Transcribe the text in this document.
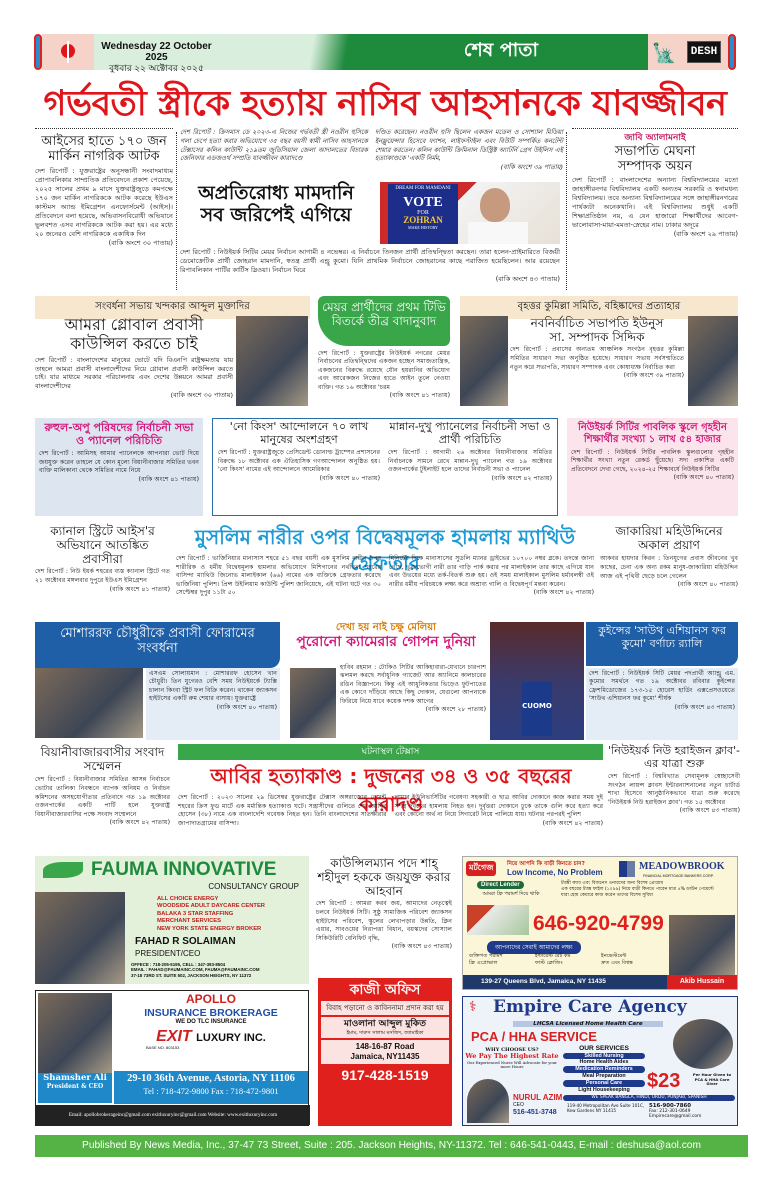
Wednesday 22 October 2025
বুধবার ২২ অক্টোবর ২০২৫
শেষ পাতা	🗽	DESH
গর্ভবতী স্ত্রীকে হত্যায় নাসিব আহসানকে যাবজ্জীবন
আইসের হাতে ১৭০ জন মার্কিন নাগরিক আটক
দেশ রিপোর্ট : যুক্তরাষ্ট্রের অনুসন্ধানী সংবাদমাধ্যম প্রোপাবলিকার সাম্প্রতিক প্রতিবেদনে প্রকাশ পেয়েছে, ২০২৫ সালের প্রথম ৯ মাসে যুক্তরাষ্ট্রজুড়ে কমপক্ষে ১৭০ জন মার্কিন নাগরিককে আটক করেছে ইউএস কাস্টমস অ্যান্ড ইমিগ্রেশন এনফোর্সমেন্ট (আইস)। প্রতিবেদনে বলা হয়েছে, অভিবাসনবিরোধী অভিযানে ভুলবশত এসব নাগরিককে আটক করা হয়। এর মধ্যে ২০ জনেরও বেশি নাগরিককে একাধিক দিন
(বাকি অংশে ৩০ পাতায়)
দেশ রিপোর্ট : ক্রিসমাস ডে ২০২৩-এ নিজের গর্ভবতী স্ত্রী নওরীন হুসিকে গলা চেপে হত্যা করার অভিযোগে ৩৫ বছর বয়সী স্বামী নাসিব আহসানকে টেক্সাসের কলিন কাউন্টি ২১৯তম জুডিসিয়াল জেলা আদালতের বিচারক জেনিফার এডজওর্থ সম্প্রতি যাবজ্জীবন কারাদণ্ডে
দণ্ডিত করেছেন। নওরীন হুসি ছিলেন একজন মডেল ও সোশ্যাল মিডিয়া ইনফ্লুয়েন্সার হিসেবে ফ্যাশন, লাইফস্টাইল এবং বিউটি সম্পর্কিত কনটেন্ট শেয়ার করতেন। কলিন কাউন্টি ক্রিমিনাল ডিস্ট্রিক্ট অ্যাটর্নি গ্রেগ উইলিস এই হত্যাকাণ্ডকে 'একটি নির্মম,
(বাকি অংশে ৩৯ পাতায়)
অপ্রতিরোধ্য মামদানি
সব জরিপেই এগিয়ে
DREAM FOR MAMDANI
VOTE
FOR
ZOHRAN
MAKE HISTORY
দেশ রিপোর্ট : নিউইয়র্ক সিটির মেয়র নির্বাচন আগামী ৪ নভেম্বর। এ নির্বাচনে তিনজন প্রার্থী প্রতিদ্বন্দ্বিতা করছেন। তারা হলেন-প্রাইমারিতে বিজয়ী ডেমোক্রেটিক প্রার্থী জোহরান মামদানি, স্বতন্ত্র প্রার্থী এন্ড্রু কুমো। যিনি প্রাথমিক নির্বাচনে জোহরানের কাছে পরাজিত হয়েছিলেন। আর রয়েছেন রিপাবলিকান পার্টির কার্টিস স্লিওয়া। নির্বাচন ঘিরে
(বাকি অংশে ৪৩ পাতায়)
জাবি অ্যালামনাই
সভাপতি মেঘনা
সম্পাদক অয়ন
দেশ রিপোর্ট : বাংলাদেশের অন্যান্য বিশ্ববিদ্যালয়ের মতো জাহাঙ্গীরনগর বিশ্ববিদ্যালয় একটি অন্যতম সরকারি ও স্বনামধন্য বিশ্ববিদ্যালয়। তবে অন্যান্য বিশ্ববিদ্যালয়ের সঙ্গে জাহাঙ্গীরনগরের পার্থক্যটা অনেকখানি। এই বিশ্ববিদ্যালয় শুধুই একটি শিক্ষাপ্রতিষ্ঠান নয়, এ যেন হাজারো শিক্ষার্থীদের আবেগ- ভালোবাসা-মায়া-মমতা-স্নেহের নাম। ঢাকার অদূরে
(বাকি অংশে ২৯ পাতায়)
সংবর্ধনা সভায় খন্দকার আব্দুল মুক্তাদির
আমরা গ্লোবাল প্রবাসী কাউন্সিল করতে চাই
দেশ রিপোর্ট : বাংলাদেশের মানুষের ভোটে যদি বিএনপি রাষ্ট্রক্ষমতায় যায় তাহলে আমরা প্রবাসী বাংলাদেশীদের নিয়ে গ্লোবাল প্রবাসী কাউন্সিল করতে চাই। যার মাধ্যমে সরকার পরিচালনায় এবং দেশের উন্নয়নে আমরা প্রবাসী বাংলাদেশীদের
(বাকি অংশে ৩০ পাতায়)
মেয়র প্রার্থীদের প্রথম টিভি বিতর্কে তীব্র বাদানুবাদ
দেশ রিপোর্ট : যুক্তরাষ্ট্রের নিউইয়র্ক নগরের মেয়র নির্বাচনের প্রতিদ্বন্দ্বিদের একজন হচ্ছেন সমাজতান্ত্রিক, একজনের বিরুদ্ধে রয়েছে যৌন হয়রানির অভিযোগ এবং আরেকজন নিজের হাতে আইন তুলে নেওয়া ব্যক্তি। গত ১৬ অক্টোবর 'চরম
(বাকি অংশে ৪১ পাতায়)
বৃহত্তর কুমিল্লা সমিতি, বহিষ্কাদের প্রত্যাহার
নবনির্বাচিত সভাপতি ইউনুস
সা. সম্পাদক সিদ্দিক
দেশ রিপোর্ট : প্রবাসের অন্যতম আঞ্চলিক সংগঠন বৃহত্তর কুমিল্লা সমিতির সাধারণ সভা অনুষ্ঠিত হয়েছে। সাধারণ সভায় সর্বসম্মতিতে নতুন করে সভাপতি, সাধারণ সম্পাদক এবং কোষাধ্যক্ষ নির্বাচিত করা
(বাকি অংশে ৩৯ পাতায়)
রুহুল-অপু পরিষদের নির্বাচনী সভা ও প্যানেল পরিচিতি
দেশ রিপোর্ট : আমিসহ আমার প্যানেলকে আপনারা ভোট দিয়ে জয়যুক্ত করেন তাহলে যে কোন মূল্যে বিয়ানীবাজার সমিতির ভবন ব্যক্তি মালিকানা থেকে সমিতির নামে নিয়ে
(বাকি অংশে ৪১ পাতায়)
'নো কিংস' আন্দোলনে ৭০ লাখ মানুষের অংশগ্রহণ
দেশ রিপোর্ট : যুক্তরাষ্ট্রজুড়ে প্রেসিডেন্ট ডোনাল্ড ট্রাম্পের প্রশাসনের বিরুদ্ধে ১৮ অক্টোবর এক ঐতিহাসিক গণআন্দোলন অনুষ্ঠিত হয়। 'নো কিংস' নামের এই আন্দোলনে আমেরিকার
(বাকি অংশে ৪০ পাতায়)
মান্নান-দুখু প্যানেলের নির্বাচনী সভা ও প্রার্থী পরিচিতি
দেশ রিপোর্ট : আগামী ২৬ অক্টোবর বিয়ানীবাজার সমিতির নির্বাচনকে সামনে রেখে মান্নান-দুখু প্যানেল গত ১৯ অক্টোবর ওজনপার্কের টুইলাইট হলে তাদের নির্বাচনী সভা ও প্যানেল
(বাকি অংশে ৪২ পাতায়)
নিউইয়র্ক সিটির পাবলিক স্কুলে গৃহহীন শিক্ষার্থীর সংখ্যা ১ লাখ ৫৪ হাজার
দেশ রিপোর্ট : নিউইয়র্ক সিটির পাবলিক স্কুলগুলোর গৃহহীন শিক্ষার্থীর সংখ্যা নতুন রেকর্ড ছুঁয়েছে। সদ্য প্রকাশিত একটি প্রতিবেদনে দেখা গেছে, ২০২৪-২৫ শিক্ষাবর্ষে নিউইয়র্ক সিটির
(বাকি অংশে ৪০ পাতায়)
ক্যানাল স্ট্রিটে আইস'র অভিযানে আতঙ্কিত প্রবাসীরা
দেশ রিপোর্ট : নিউ ইয়র্ক শহরের ব্যস্ত ক্যানাল স্ট্রিটে গত ২১ অক্টোবর মঙ্গলবার দুপুরে ইউএস ইমিগ্রেশন
(বাকি অংশে ৪১ পাতায়)
মুসলিম নারীর ওপর বিদ্বেষমূলক হামলায় ম্যাথিউ গ্রেফতার
দেশ রিপোর্ট : ভার্জিনিয়ার মানাসাস শহরে ৫১ বছর বয়সী এক মুসলিম নারীর ওপর শারীরিক ও ধর্মীয় বিদ্বেষমূলক হামলার অভিযোগে মিশিগানের নর্থভিল শহরের বাসিন্দা ম্যাথিউ জিনোভ মালাইকাল (৬৬) নামের এক ব্যক্তিকে গ্রেফতার করেছে ভার্জিনিয়া পুলিশ। প্রিন্স উইলিয়াম কাউন্টি পুলিশ জানিয়েছে, এই ঘটনা ঘটে গত ৩০ সেপ্টেম্বর দুপুর ১১টা ৫০
মিনিটের দিকে মানাসাসের সুডলি ম্যানর ড্রাইভের ১০৭০০ নম্বর ব্লকে। তদন্তে জানা গেছে, ভুক্তভোগী নারী তার গাড়ি পার্ক করার পর মালাইকাল তার কাছে এগিয়ে যান এবং উভয়ের মধ্যে তর্ক-বিতর্ক শুরু হয়। ওই সময় মালাইকাল মুসলিম ধর্মাবলম্বী ওই নারীর ধর্মীয় পরিচয়কে লক্ষ্য করে অশ্রাব্য গালি ও বিদ্বেষপূর্ণ মন্তব্য করেন।
(বাকি অংশে ৪২ পাতায়)
জাকারিয়া মহিউদ্দিনের অকাল প্রয়াণ
আকবর হায়দার কিরন : তিনযুগের প্রবাস জীবনের খুব কাছের, চেনা এক অন্য রকম মানুষ-জাকারিয়া মহিউদ্দিন আজ এই পৃথিবী ছেড়ে চলে গেলেন
(বাকি অংশে ৪০ পাতায়)
মোশাররফ চৌধুরীকে প্রবাসী ফোরামের সংবর্ধনা
এসএম সোলায়মান : মোশাররফ হোসেন খান চৌধুরী। তিন যুগেরও বেশি সময় নিউইয়র্কে ট্যাক্সি চালান কিংবা স্ট্রিট ফল বিক্রি করেন। থাকেন জ্যাকসন হাইটসের একটি রুম শেয়ার বাসায়। যুক্তরাষ্ট্রে
(বাকি অংশে ৪০ পাতায়)
দেখা হয় নাই চক্ষু মেলিয়া
পুরোনো ক্যামেরার গোপন দুনিয়া
হাবিব রহমান : টোকিও সিটির আকিহাবারা-যেখানে চারপাশ ঝলমল করছে সর্বাধুনিক গ্যাজেট আর অ্যানিমে কালচারের রঙিন বিজ্ঞাপনে। কিন্তু এই আধুনিকতার ভিড়েও ফুটপাতের এক কোণে দাঁড়িয়ে আছে কিছু দোকান, যেগুলো আপনাকে ফিরিয়ে নিয়ে যাবে কয়েক দশক আগের
(বাকি অংশে ২৮ পাতায়)	CUOMO
কুইন্সের 'সাউথ এশিয়ানস ফর কুমো' বর্ণাঢ্য র‌্যালি
দেশ রিপোর্ট : নিউইয়র্ক সিটি মেয়র পদপ্রার্থী অ্যান্ড্রু এম. কুমোর সমর্থনে গত ১৯ অক্টোবর রবিবার কুইন্সের ফ্রেশমিডোজের ১৭৩-১৫ হোরেস হার্ডিং এক্সপ্রেসওয়েতে 'সাউথ এশিয়ানস ফর কুমো' শীর্ষক
(বাকি অংশে ৪৩ পাতায়)
বিয়ানীবাজারবাসীর সংবাদ সম্মেলন
দেশ রিপোর্ট : বিয়ানীবাজার সমিতির আসন্ন নির্বাচনে ভোটার তালিকা নিবন্ধনে ব্যাপক অনিয়ম ও নির্বাচন কমিশনের অসহযোগীতার প্রতিবাদে গত ১৯ অক্টোবর ওজনপার্কের একটি পার্টি হলে যুক্তরাষ্ট্র বিয়ানীবাজারবাসির পক্ষে সংবাদ সম্মেলনে
(বাকি অংশে ৪২ পাতায়)
ঘটনাস্থল টেক্সাস
আবির হত্যাকাণ্ড : দুজনের ৩৪ ও ৩৫ বছরের কারাদণ্ড
দেশ রিপোর্ট : ২০২৩ সালের ২৯ ডিসেম্বর যুক্তরাষ্ট্রের টেক্সাস অঙ্গরাজ্যের বোমন্ট শহরের ক্রিস ফুড মার্টে এক মর্মান্তিক হত্যাকাণ্ড ঘটে। সন্ত্রাসীদের গুলিতে শেখ আবির হোসেন (৩৮) নামে এক বাংলাদেশি গবেষক নিহত হন। তিনি বাংলাদেশের সাতক্ষীরার জাপাদাতগ্রামের বাসিন্দা।
লামার ইউনিভার্সিটির গবেষণা সহকারী ও ছাত্র আবির দোকানে কাজ করার সময় দুই সশস্ত্র দুর্বৃত্তের হামলায় নিহত হন। দুর্বৃত্তরা দোকানে ঢুকে তাকে গুলি করে হত্যা করে এবং কোনো অর্থ না নিয়ে সিগারেট নিয়ে পালিয়ে যায়। ঘটনার পরপরই পুলিশ
(বাকি অংশে ৪২ পাতায়)
'নিউইয়র্ক নিউ হরাইজন ক্লাব'-এর যাত্রা শুরু
দেশ রিপোর্ট : বিশ্ববিখ্যাত সেবামূলক স্বেচ্ছাসেবী সংগঠন লায়ন্স ক্লাবস ইন্টারন্যাশনালের নতুন চার্টার্ড শাখা হিসেবে আনুষ্ঠানিকভাবে যাত্রা শুরু করেছে 'নিউইয়র্ক নিউ হরাইজন ক্লাব'। গত ১৫ অক্টোবর
(বাকি অংশে ৪৩ পাতায়)
FAUMA INNOVATIVE
CONSULTANCY GROUP
ALL CHOICE ENERGY
WOODSIDE ADULT DAYCARE CENTER
BALAKA 3 STAR STAFFING
MERCHANT SERVICES
NEW YORK STATE ENERGY BROKER
FAHAD R SOLAIMAN
PRESIDENT/CEO
OFFECE : 718-205-5195, CELL : 347-393-8504
EMAIL : FAHAD@FAUMAINC.COM, FAUMA@FAUMAINC.COM
37-18 73RD ST. SUITE 502, JACKSON HEIGHTS, NY 11372
Shamsher Ali
President & CEO
APOLLO
INSURANCE BROKERAGE
WE DO TLC INSURANCE
EXIT LUXURY INC.
BASE NO. 803153
29-10 36th Avenue, Astoria, NY 11106
Tel : 718-472-9800 Fax : 718-472-9801
Email: apollobrokerageinc@gmail.com exitluxuryinc@gmail.com Website: www.exitluxuryinc.com
কাউন্সিলম্যান পদে শাহ্ শহীদুল হককে জয়যুক্ত করার আহবান
দেশ রিপোর্ট : আমরা করব জয়, আমাদের নেতৃত্বেই চলবে নিউইয়র্ক সিটি। সুষ্ঠু সামাজিক পরিবেশ জ্যাকসন হাইটসের পরিবেশ, স্কুলের লেখাপড়ার উন্নতি, ক্লিন এয়ার, সাবওয়ের নিরাপত্তা বিধান, বয়স্কদের সোস্যাল সিকিউরিটি বেনিফিট বৃদ্ধি,
(বাকি অংশে ৪৩ পাতায়)
কাজী অফিস
বিবাহ পড়ানো ও কাবিননামা প্রদান করা হয়
মাওলানা আব্দুল মুকিত
ইমাম, দারুস সালাম মসজিদ, জ্যামাইকা
148-16-87 Road
Jamaica, NY11435
917-428-1519
মর্টগেজ	নিয়ে আপনি কি বাড়ী কিনতে চান?
Low Income, No Problem
MEADOWBROOK
FINANCIAL MORTGAGE BANKERS CORP.
Direct Lender
আমরা ফ্রি পরামর্শ দিয়ে থাকি
ট্যাক্সী ক্যাব এবং বিজনেস ওনারদের জন্য বিশেষ প্রোগ্রাম
এক বছরের ট্যাক্স ফাইল (১০৯৯) নিয়ে বাড়ী কিনতে পারেন মাত্র ৫% ডাউন পেমেন্টে
যারা হোম কেয়ারে কাজ করেন তাদের বিশেষ সুবিধা
646-920-4799
আপনাদের সেবাই আমাদের লক্ষ্য
ব্যক্তিগত পরামর্শ	ইন্টারেস্ট রেট কম	ইনভেস্টমেন্ট
ফ্রি এপ্রোভাল	ফাস্ট ক্লোজিং	দ্রুত এবং বিশ্বস্ত
139-27 Queens Blvd, Jamaica, NY 11435	Akib Hussain
⚕ Empire Care Agency
LHCSA Licensed Home Health Care
PCA / HHA SERVICE
WHY CHOOSE US?
We Pay The Highest Rate
Our Experienced Nurse Will Advocate for your more Hours
NURUL AZIM
CEO
516-451-3748
OUR SERVICES
Skilled Nursing
Home Health Aides
Medication Reminders
Meal Preparation
Personal Care
Light Housekeeping $23	Per Hour Given to PCA & HHA Care Giver
WE SPEAK BANGLA, HINDI, URDU, PUNJABI, SPANISH
119-40 Metropolitan Ave Suite 101C, Kew Gardens NY 11415
516-900-7860
Fax: 212-301-0649
Empirecare@gmail.com
Published By News Media, Inc., 37-47 73 Street, Suite : 205. Jackson Heights, NY-11372. Tel : 646-541-0443, E-mail : deshusa@aol.com
